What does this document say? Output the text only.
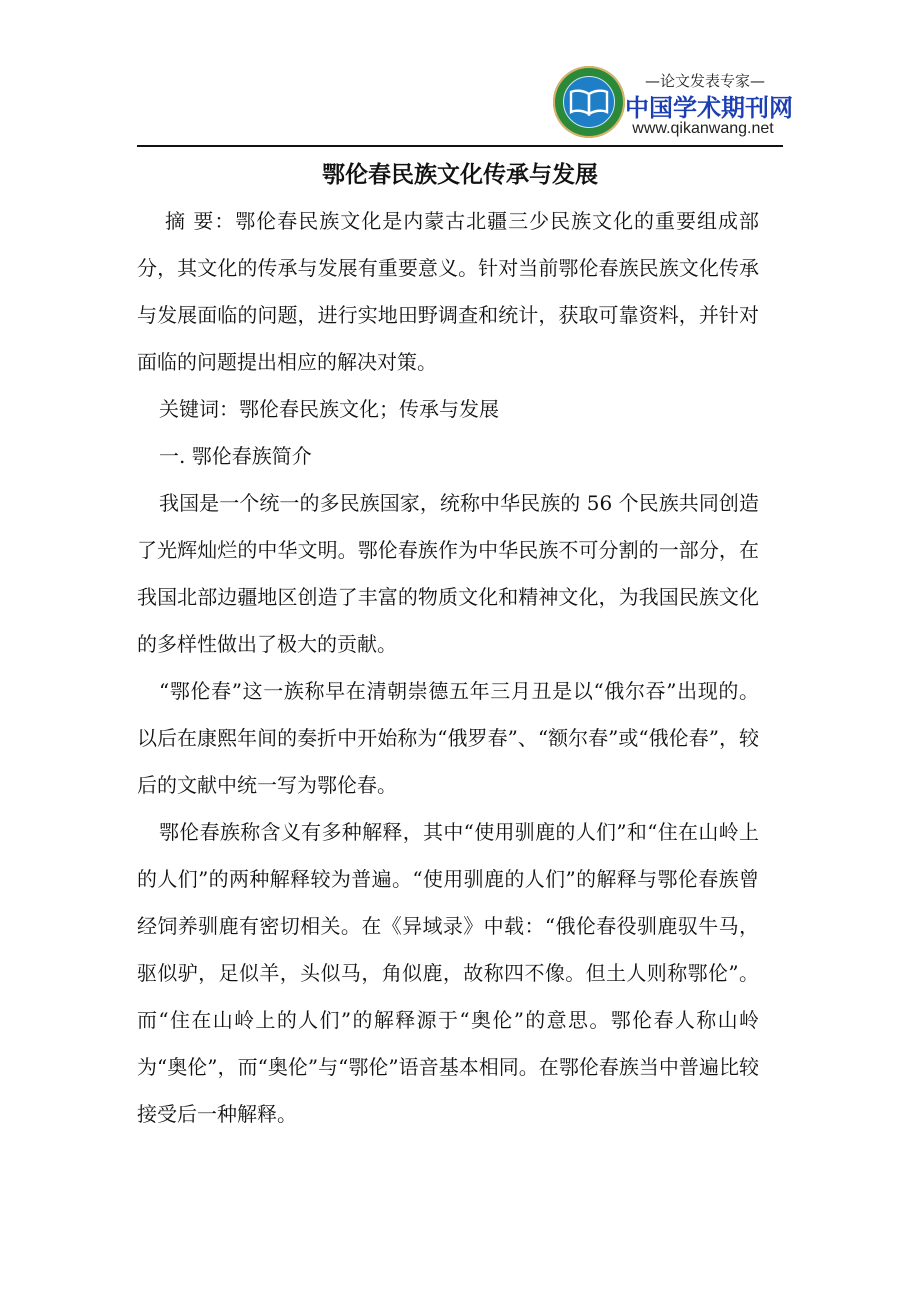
—论文发表专家—
中国学术期刊网
www.qikanwang.net
鄂伦春民族文化传承与发展

摘 要：鄂伦春民族文化是内蒙古北疆三少民族文化的重要组成部分，其文化的传承与发展有重要意义。针对当前鄂伦春族民族文化传承与发展面临的问题，进行实地田野调查和统计，获取可靠资料，并针对面临的问题提出相应的解决对策。

关键词：鄂伦春民族文化；传承与发展

一. 鄂伦春族简介

我国是一个统一的多民族国家，统称中华民族的 56 个民族共同创造了光辉灿烂的中华文明。鄂伦春族作为中华民族不可分割的一部分，在我国北部边疆地区创造了丰富的物质文化和精神文化，为我国民族文化的多样性做出了极大的贡献。

“鄂伦春”这一族称早在清朝崇德五年三月丑是以“俄尔吞”出现的。以后在康熙年间的奏折中开始称为“俄罗春”、“额尔春”或“俄伦春”，较后的文献中统一写为鄂伦春。

鄂伦春族称含义有多种解释，其中“使用驯鹿的人们”和“住在山岭上的人们”的两种解释较为普遍。“使用驯鹿的人们”的解释与鄂伦春族曾经饲养驯鹿有密切相关。在《异域录》中载：“俄伦春役驯鹿驭牛马，驱似驴，足似羊，头似马，角似鹿，故称四不像。但土人则称鄂伦”。而“住在山岭上的人们”的解释源于“奥伦”的意思。鄂伦春人称山岭为“奥伦”，而“奥伦”与“鄂伦”语音基本相同。在鄂伦春族当中普遍比较接受后一种解释。
